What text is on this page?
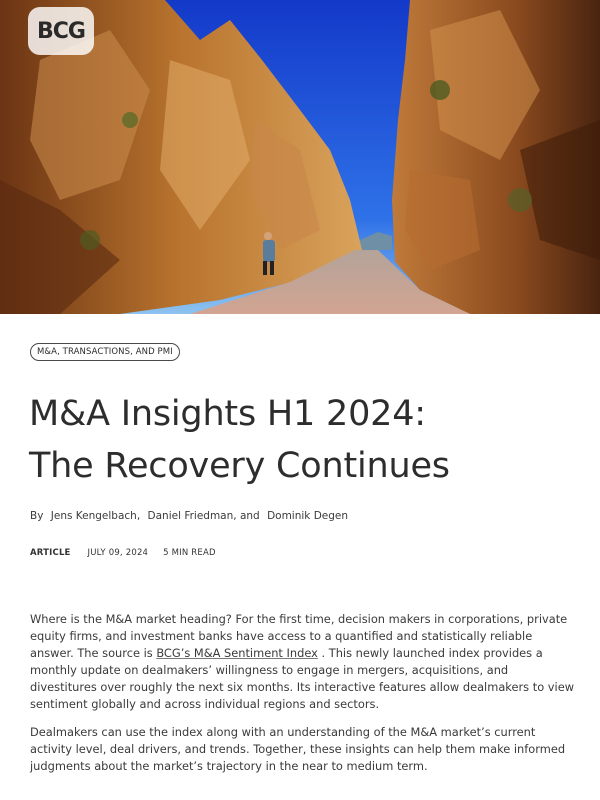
BCG
M&A, TRANSACTIONS, AND PMI
M&A Insights H1 2024:
The Recovery Continues
By Jens Kengelbach, Daniel Friedman, and Dominik Degen
ARTICLE JULY 09, 2024 5 MIN READ

Where is the M&A market heading? For the first time, decision makers in corporations, private equity firms, and investment banks have access to a quantified and statistically reliable answer. The source is BCG’s M&A Sentiment Index . This newly launched index provides a monthly update on dealmakers’ willingness to engage in mergers, acquisitions, and divestitures over roughly the next six months. Its interactive features allow dealmakers to view sentiment globally and across individual regions and sectors.

Dealmakers can use the index along with an understanding of the M&A market’s current activity level, deal drivers, and trends. Together, these insights can help them make informed judgments about the market’s trajectory in the near to medium term.
